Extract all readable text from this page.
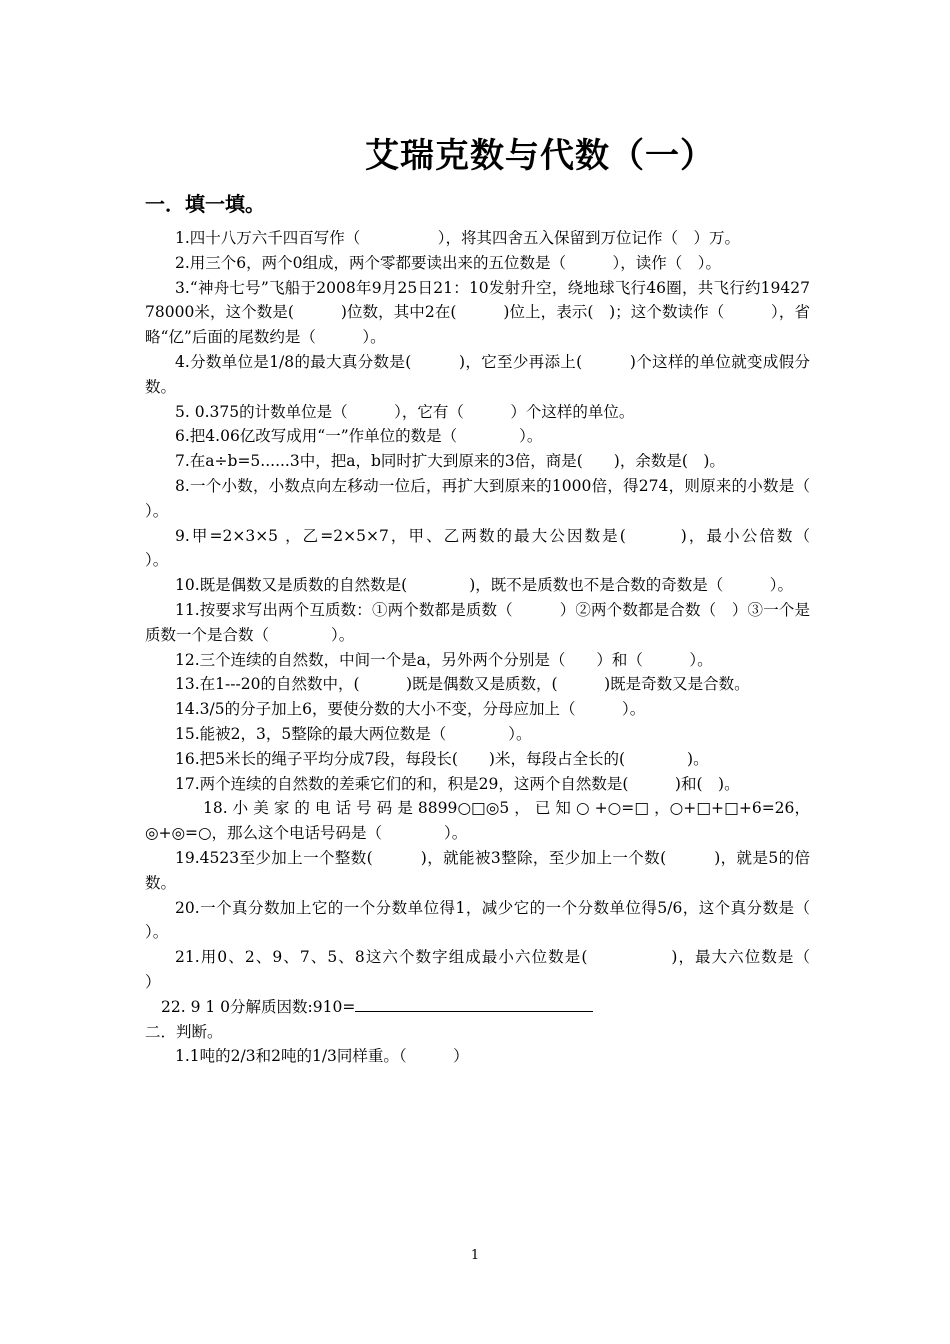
艾瑞克数与代数（一）
一．填一填。
1.四十八万六千四百写作（　　　　　），将其四舍五入保留到万位记作（　）万。
2.用三个6，两个0组成，两个零都要读出来的五位数是（　　　），读作（　）。
3.“神舟七号”飞船于2008年9月25日21：10发射升空，绕地球飞行46圈，共飞行约1942778000米，这个数是(　　　)位数，其中2在(　　　)位上，表示(　)；这个数读作（　　　），省略“亿”后面的尾数约是（　　　）。
4.分数单位是1/8的最大真分数是(　　　)，它至少再添上(　　　)个这样的单位就变成假分数。
5. 0.375的计数单位是（　　　），它有（　　　）个这样的单位。
6.把4.06亿改写成用“一”作单位的数是（　　　　）。
7.在a÷b=5......3中，把a，b同时扩大到原来的3倍，商是(　　)，余数是(　)。
8.一个小数，小数点向左移动一位后，再扩大到原来的1000倍，得274，则原来的小数是（　　　）。
9.甲=2×3×5 ，乙=2×5×7，甲、乙两数的最大公因数是(　　　)，最小公倍数（　　　）。
10.既是偶数又是质数的自然数是(　　　　)，既不是质数也不是合数的奇数是（　　　）。
11.按要求写出两个互质数：①两个数都是质数（　　　）②两个数都是合数（　）③一个是质数一个是合数（　　　　）。
12.三个连续的自然数，中间一个是a，另外两个分别是（　　）和（　　　）。
13.在1---20的自然数中，(　　　)既是偶数又是质数，(　　　)既是奇数又是合数。
14.3/5的分子加上6，要使分数的大小不变，分母应加上（　　　）。
15.能被2，3，5整除的最大两位数是（　　　　）。
16.把5米长的绳子平均分成7段，每段长(　　)米，每段占全长的(　　　　)。
17.两个连续的自然数的差乘它们的和，积是29，这两个自然数是(　　　)和(　)。
18. 小 美 家 的 电 话 号 码 是 8899○□◎5 ， 已 知 ○ +○=□ ，○+□+□+6=26，◎+◎=○，那么这个电话号码是（　　　　）。
19.4523至少加上一个整数(　　　)，就能被3整除，至少加上一个数(　　　)，就是5的倍数。
20.一个真分数加上它的一个分数单位得1，减少它的一个分数单位得5/6，这个真分数是（　　　）。
21.用0、2、9、7、5、8这六个数字组成最小六位数是(　　　　　)，最大六位数是（　　　　　　）
22. 9 1 0分解质因数:910=
二．判断。
1.1吨的2/3和2吨的1/3同样重。（　　　）
1
